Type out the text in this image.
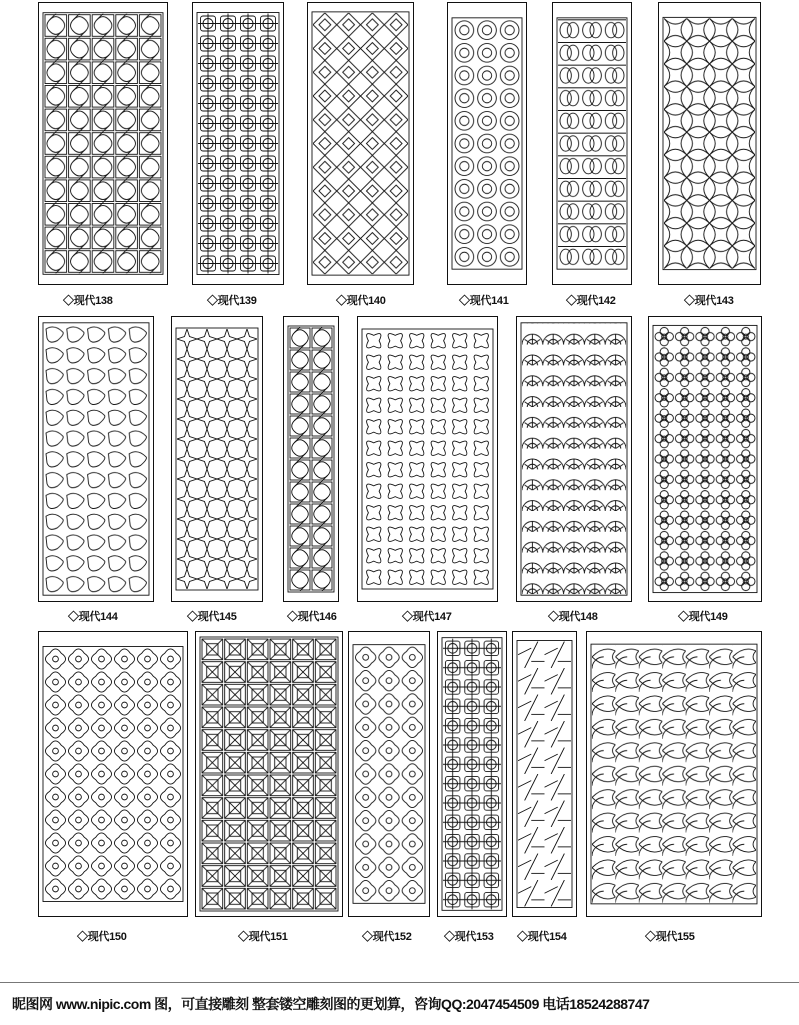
◇现代138	◇现代139	◇现代140	◇现代141	◇现代142	◇现代143
◇现代144	◇现代145	◇现代146	◇现代147	◇现代148	◇现代149
◇现代150	◇现代151	◇现代152	◇现代153 ◇现代154	◇现代155
昵图网 www.nipic.com 图，可直接雕刻 整套镂空雕刻图的更划算，咨询QQ:2047454509 电话18524288747
